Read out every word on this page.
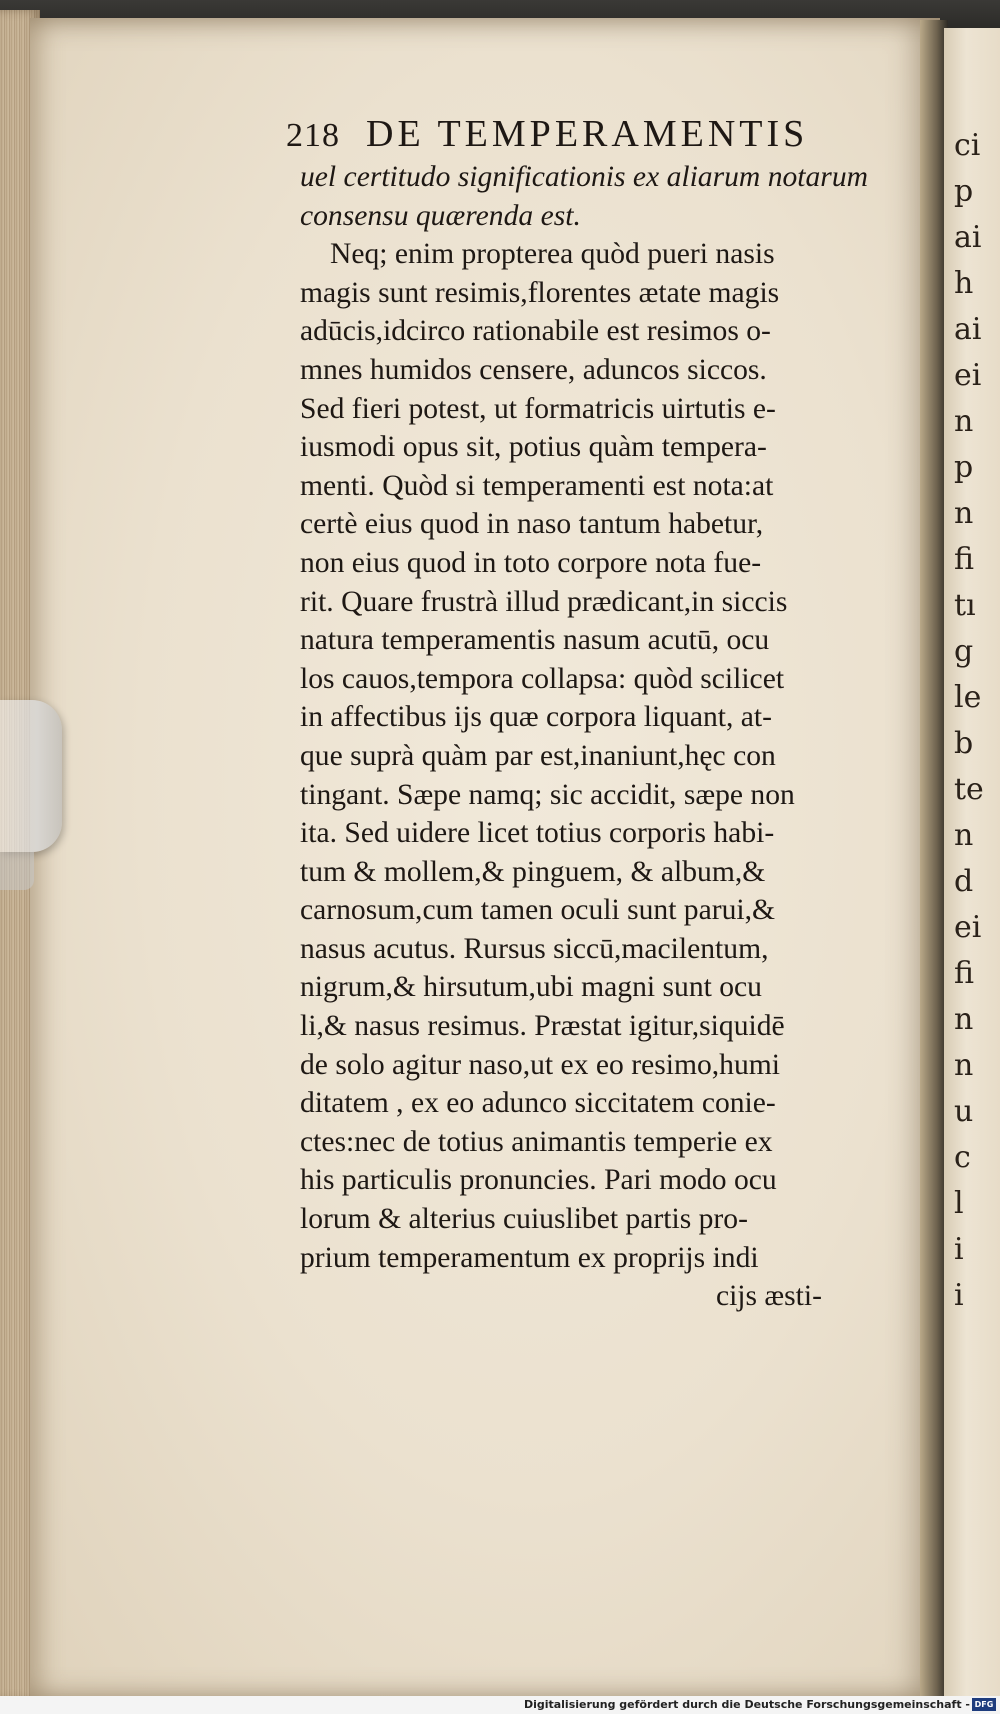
ci
p
ai
h
ai
ei
n
p
n
fi
tı
g
le
b
te
n
d
ei
fi
n
n
u
c
l
i
i
218 DE TEMPERAMENTIS
uel certitudo significationis ex aliarum notarum
consensu quærenda est.
Neq; enim propterea quòd pueri nasis
magis sunt resimis,florentes ætate magis
adūcis,idcirco rationabile est resimos o-
mnes humidos censere, aduncos siccos.
Sed fieri potest, ut formatricis uirtutis e-
iusmodi opus sit, potius quàm tempera-
menti. Quòd si temperamenti est nota:at
certè eius quod in naso tantum habetur,
non eius quod in toto corpore nota fue-
rit. Quare frustrà illud prædicant,in siccis
natura temperamentis nasum acutū, ocu
los cauos,tempora collapsa: quòd scilicet
in affectibus ijs quæ corpora liquant, at-
que suprà quàm par est,inaniunt,hęc con
tingant. Sæpe namq; sic accidit, sæpe non
ita. Sed uidere licet totius corporis habi-
tum & mollem,& pinguem, & album,&
carnosum,cum tamen oculi sunt parui,&
nasus acutus. Rursus siccū,macilentum,
nigrum,& hirsutum,ubi magni sunt ocu
li,& nasus resimus. Præstat igitur,siquidē
de solo agitur naso,ut ex eo resimo,humi
ditatem , ex eo adunco siccitatem conie-
ctes:nec de totius animantis temperie ex
his particulis pronuncies. Pari modo ocu
lorum & alterius cuiuslibet partis pro-
prium temperamentum ex proprijs indi
cijs æsti-
Digitalisierung gefördert durch die Deutsche Forschungsgemeinschaft - DFG
